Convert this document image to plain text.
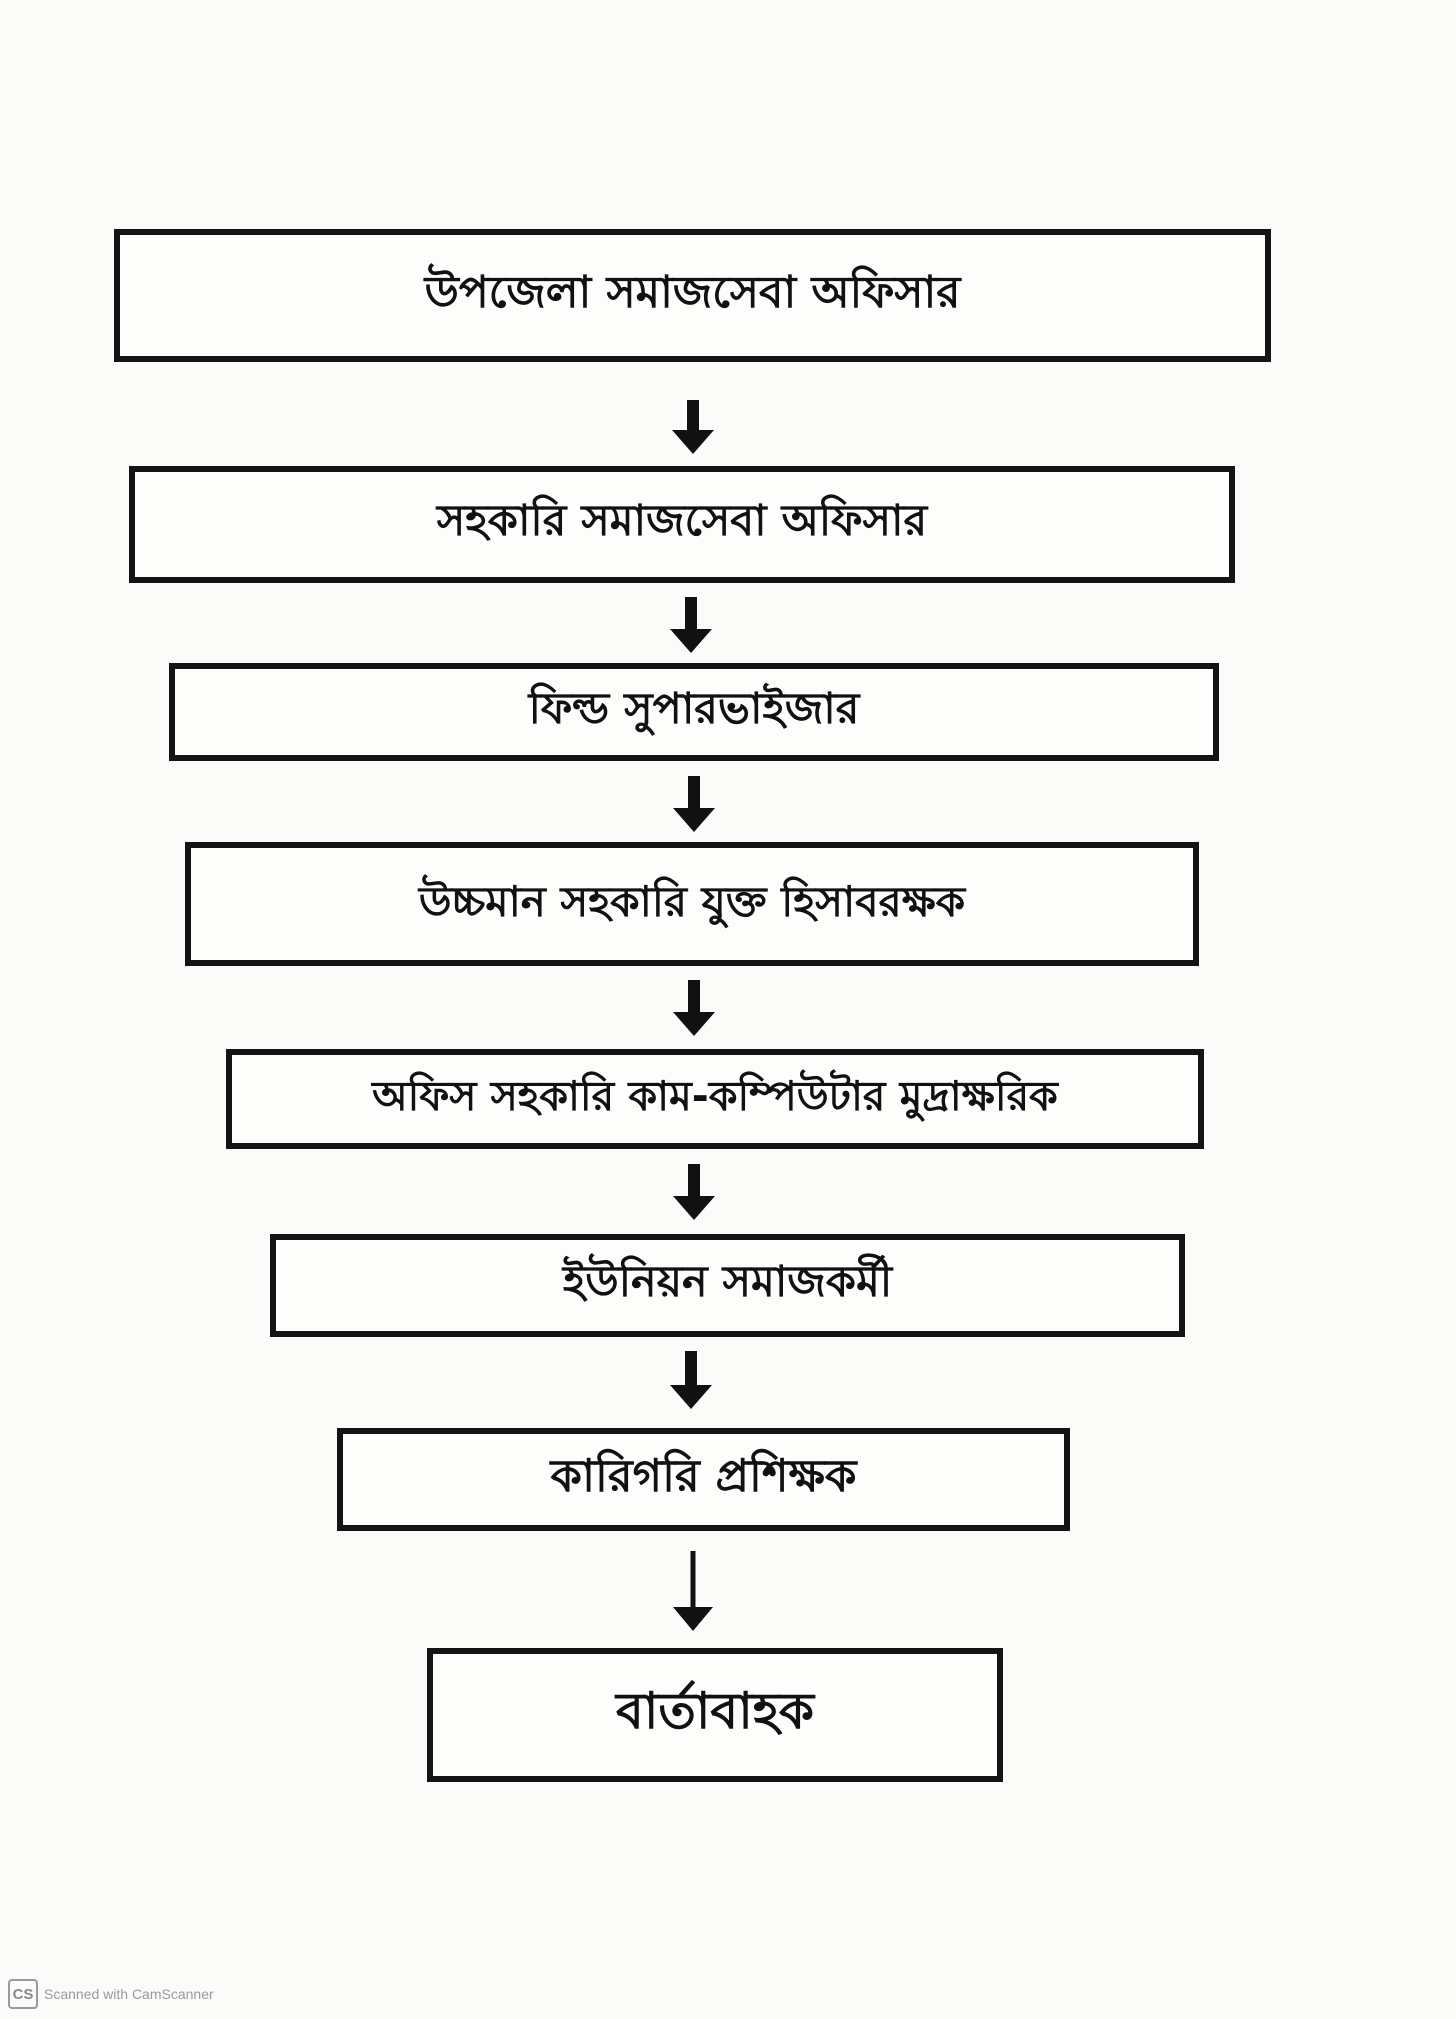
উপজেলা সমাজসেবা অফিসার
সহকারি সমাজসেবা অফিসার
ফিল্ড সুপারভাইজার
উচ্চমান সহকারি যুক্ত হিসাবরক্ষক
অফিস সহকারি কাম-কম্পিউটার মুদ্রাক্ষরিক
ইউনিয়ন সমাজকর্মী
কারিগরি প্রশিক্ষক
বার্তাবাহক
CS Scanned with CamScanner
